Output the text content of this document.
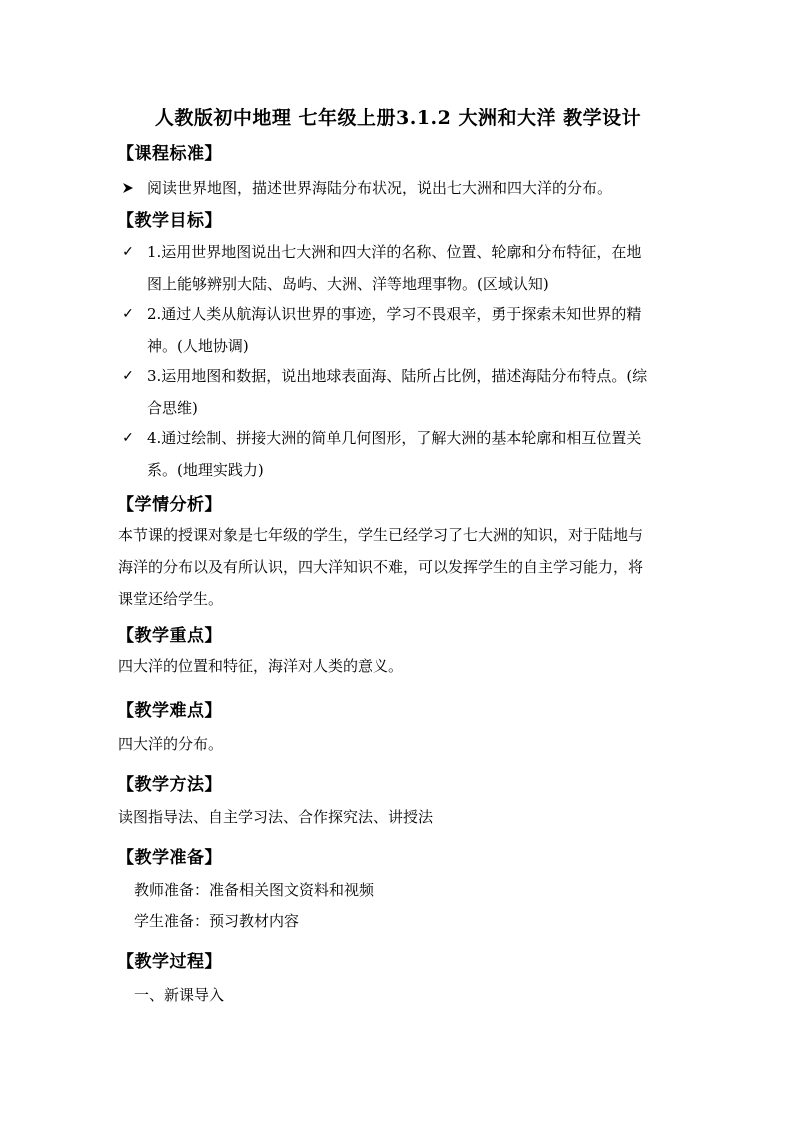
人教版初中地理 七年级上册3.1.2 大洲和大洋 教学设计
【课程标准】
阅读世界地图，描述世界海陆分布状况，说出七大洲和四大洋的分布。
【教学目标】
✓ 1.运用世界地图说出七大洲和四大洋的名称、位置、轮廓和分布特征，在地
图上能够辨别大陆、岛屿、大洲、洋等地理事物。(区域认知)
✓ 2.通过人类从航海认识世界的事迹，学习不畏艰辛，勇于探索未知世界的精
神。(人地协调)
✓ 3.运用地图和数据，说出地球表面海、陆所占比例，描述海陆分布特点。(综
合思维)
✓ 4.通过绘制、拼接大洲的简单几何图形，了解大洲的基本轮廓和相互位置关
系。(地理实践力)
【学情分析】
本节课的授课对象是七年级的学生，学生已经学习了七大洲的知识，对于陆地与
海洋的分布以及有所认识，四大洋知识不难，可以发挥学生的自主学习能力，将
课堂还给学生。
【教学重点】
四大洋的位置和特征，海洋对人类的意义。
【教学难点】
四大洋的分布。
【教学方法】
读图指导法、自主学习法、合作探究法、讲授法
【教学准备】
教师准备：准备相关图文资料和视频
学生准备：预习教材内容
【教学过程】
一、新课导入
